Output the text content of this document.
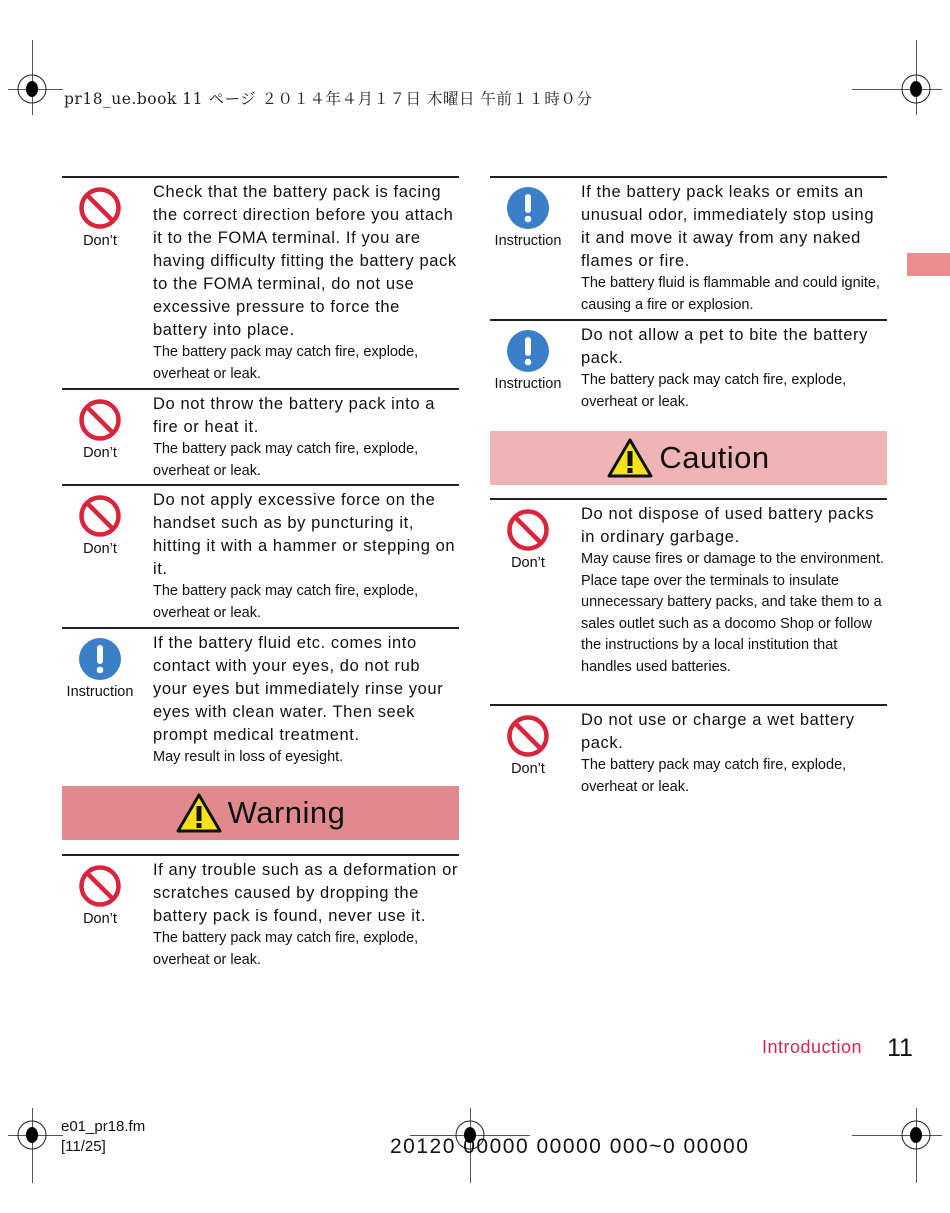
pr18_ue.book 11 ページ ２０１４年４月１７日 木曜日 午前１１時０分
Don’t
Check that the battery pack is facing the correct direction before you attach it to the FOMA terminal. If you are having difficulty fitting the battery pack to the FOMA terminal, do not use excessive pressure to force the battery into place.
The battery pack may catch fire, explode, overheat or leak.
Don’t
Do not throw the battery pack into a fire or heat it.
The battery pack may catch fire, explode, overheat or leak.
Don’t
Do not apply excessive force on the handset such as by puncturing it, hitting it with a hammer or stepping on it.
The battery pack may catch fire, explode, overheat or leak.
Instruction
If the battery fluid etc. comes into contact with your eyes, do not rub your eyes but immediately rinse your eyes with clean water. Then seek prompt medical treatment.
May result in loss of eyesight.
Don’t
If any trouble such as a deformation or scratches caused by dropping the battery pack is found, never use it.
The battery pack may catch fire, explode, overheat or leak.
Instruction
If the battery pack leaks or emits an unusual odor, immediately stop using it and move it away from any naked flames or fire.
The battery fluid is flammable and could ignite, causing a fire or explosion.
Instruction
Do not allow a pet to bite the battery pack.
The battery pack may catch fire, explode, overheat or leak.
Don’t
Do not dispose of used battery packs in ordinary garbage.
May cause fires or damage to the environment. Place tape over the terminals to insulate unnecessary battery packs, and take them to a sales outlet such as a docomo Shop or follow the instructions by a local institution that handles used batteries.
Don’t
Do not use or charge a wet battery pack.
The battery pack may catch fire, explode, overheat or leak.
Warning
Caution
Introduction 11
e01_pr18.fm
[11/25]	20120 00000 00000 000~0 00000
